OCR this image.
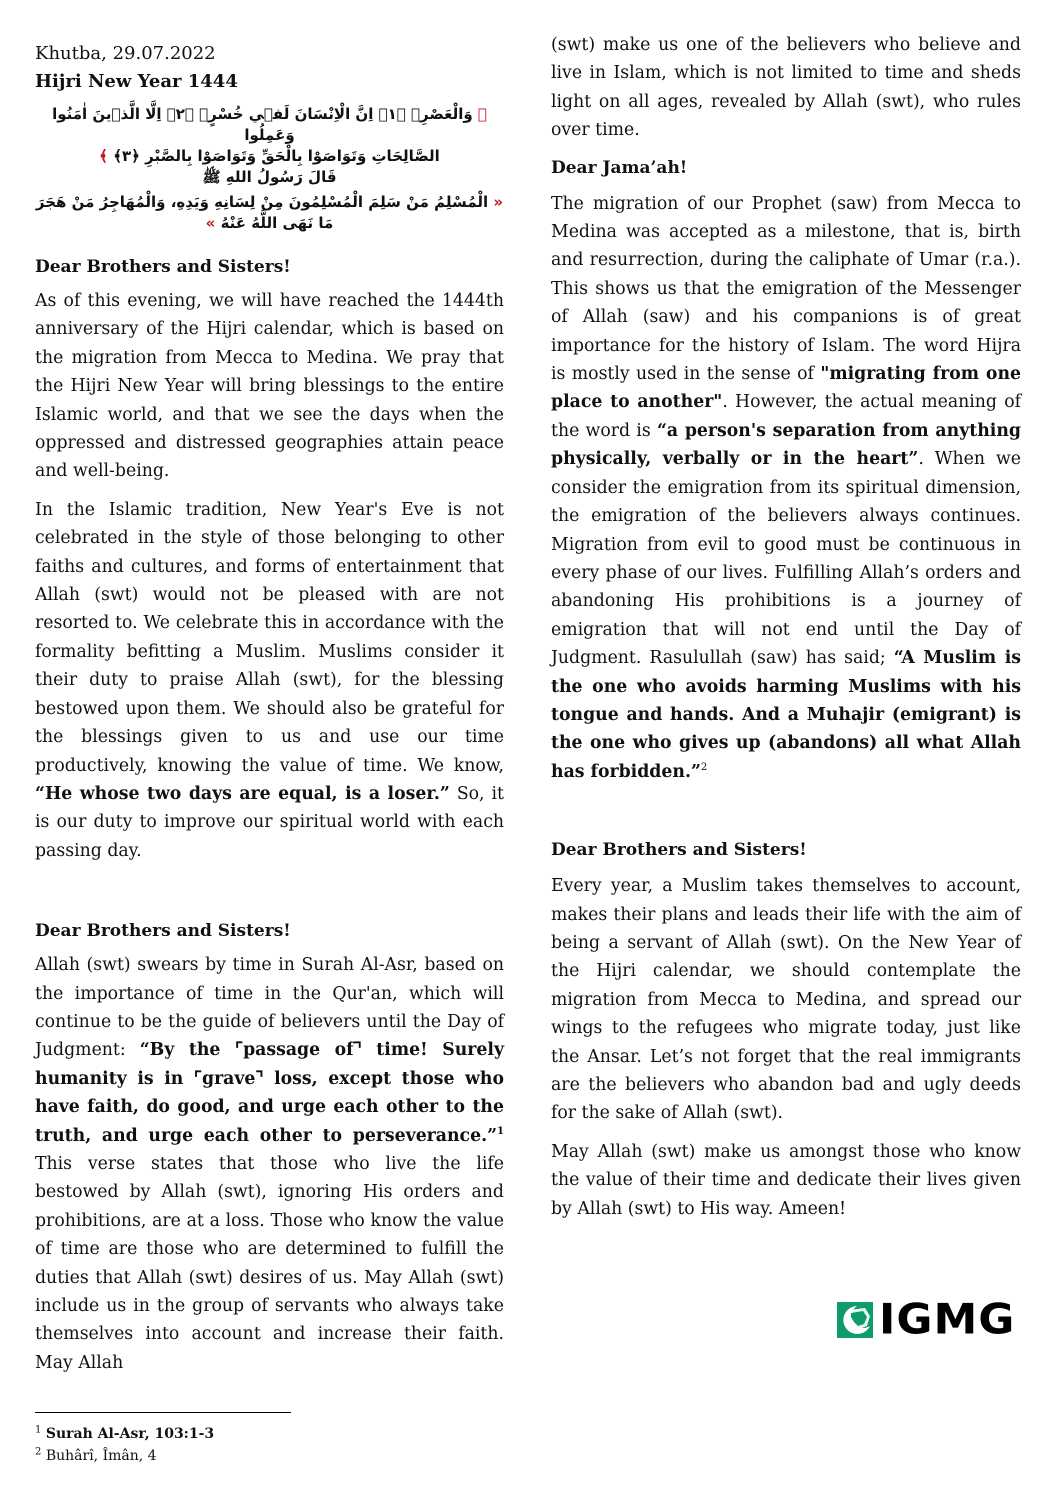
Khutba, 29.07.2022
Hijri New Year 1444
﴿ وَالْعَصْرِۙ ﴿١﴾ اِنَّ الْاِنْسَانَ لَف۪ي خُسْرٍۙ ﴿٢﴾ اِلَّا الَّذ۪ينَ اٰمَنُوا وَعَمِلُوا
الصَّالِحَاتِ وَتَوَاصَوْا بِالْحَقِّ وَتَوَاصَوْا بِالصَّبْرِ ﴿٣﴾ ﴾
قَالَ رَسُولُ اللهِ ﷺ
« الْمُسْلِمُ مَنْ سَلِمَ الْمُسْلِمُونَ مِنْ لِسَانِهِ وَيَدِهِ، وَالْمُهَاجِرُ مَنْ هَجَرَ مَا نَهَى اللَّهُ عَنْهُ »
Dear Brothers and Sisters!

As of this evening, we will have reached the 1444th anniversary of the Hijri calendar, which is based on the migration from Mecca to Medina. We pray that the Hijri New Year will bring blessings to the entire Islamic world, and that we see the days when the oppressed and distressed geographies attain peace and well-being.

In the Islamic tradition, New Year's Eve is not celebrated in the style of those belonging to other faiths and cultures, and forms of entertainment that Allah (swt) would not be pleased with are not resorted to. We celebrate this in accordance with the formality befitting a Muslim. Muslims consider it their duty to praise Allah (swt), for the blessing bestowed upon them. We should also be grateful for the blessings given to us and use our time productively, knowing the value of time. We know, “He whose two days are equal, is a loser.” So, it is our duty to improve our spiritual world with each passing day.

Dear Brothers and Sisters!

Allah (swt) swears by time in Surah Al-Asr, based on the importance of time in the Qur'an, which will continue to be the guide of believers until the Day of Judgment: “By the ⌜passage of⌝ time! Surely humanity is in ⌜grave⌝ loss, except those who have faith, do good, and urge each other to the truth, and urge each other to perseverance.”$^1$ This verse states that those who live the life bestowed by Allah (swt), ignoring His orders and prohibitions, are at a loss. Those who know the value of time are those who are determined to fulfill the duties that Allah (swt) desires of us. May Allah (swt) include us in the group of servants who always take themselves into account and increase their faith. May Allah

(swt) make us one of the believers who believe and live in Islam, which is not limited to time and sheds light on all ages, revealed by Allah (swt), who rules over time.

Dear Jama’ah!

The migration of our Prophet (saw) from Mecca to Medina was accepted as a milestone, that is, birth and resurrection, during the caliphate of Umar (r.a.). This shows us that the emigration of the Messenger of Allah (saw) and his companions is of great importance for the history of Islam. The word Hijra is mostly used in the sense of "migrating from one place to another". However, the actual meaning of the word is “a person's separation from anything physically, verbally or in the heart”. When we consider the emigration from its spiritual dimension, the emigration of the believers always continues. Migration from evil to good must be continuous in every phase of our lives. Fulfilling Allah’s orders and abandoning His prohibitions is a journey of emigration that will not end until the Day of Judgment. Rasulullah (saw) has said; “A Muslim is the one who avoids harming Muslims with his tongue and hands. And a Muhajir (emigrant) is the one who gives up (abandons) all what Allah has forbidden.”$^2$

Dear Brothers and Sisters!

Every year, a Muslim takes themselves to account, makes their plans and leads their life with the aim of being a servant of Allah (swt). On the New Year of the Hijri calendar, we should contemplate the migration from Mecca to Medina, and spread our wings to the refugees who migrate today, just like the Ansar. Let’s not forget that the real immigrants are the believers who abandon bad and ugly deeds for the sake of Allah (swt).

May Allah (swt) make us amongst those who know the value of their time and dedicate their lives given by Allah (swt) to His way. Ameen!

IGMG
$^1$ Surah Al-Asr, 103:1-3
$^2$ Buhârî, Îmân, 4
